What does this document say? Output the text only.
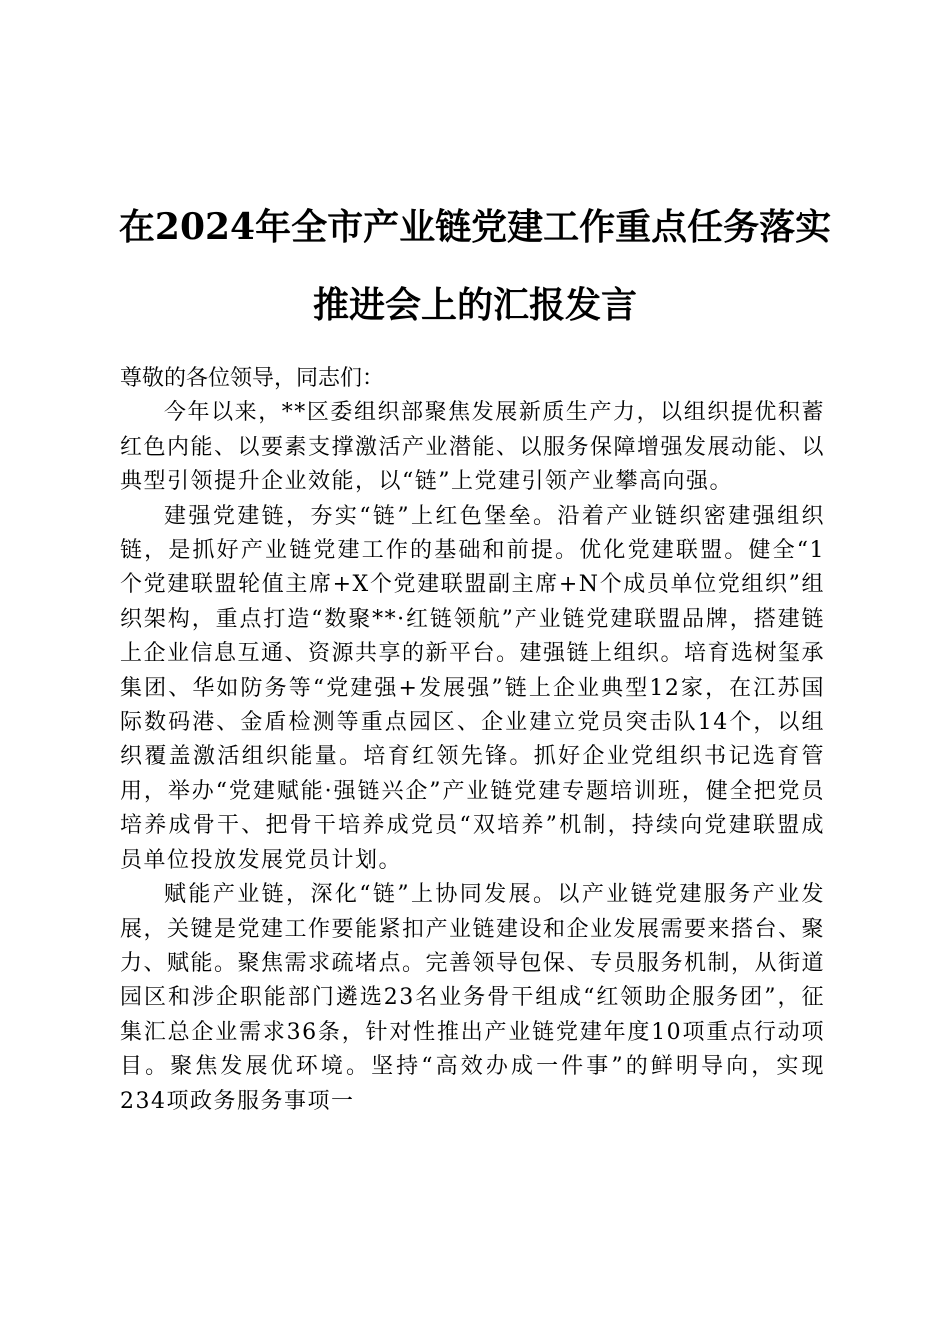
在2024年全市产业链党建工作重点任务落实
推进会上的汇报发言

尊敬的各位领导，同志们：

今年以来，**区委组织部聚焦发展新质生产力，以组织提优积蓄红色内能、以要素支撑激活产业潜能、以服务保障增强发展动能、以典型引领提升企业效能，以“链”上党建引领产业攀高向强。

建强党建链，夯实“链”上红色堡垒。沿着产业链织密建强组织链，是抓好产业链党建工作的基础和前提。优化党建联盟。健全“1个党建联盟轮值主席+X个党建联盟副主席+N个成员单位党组织”组织架构，重点打造“数聚**·红链领航”产业链党建联盟品牌，搭建链上企业信息互通、资源共享的新平台。建强链上组织。培育选树玺承集团、华如防务等“党建强+发展强”链上企业典型12家，在江苏国际数码港、金盾检测等重点园区、企业建立党员突击队14个，以组织覆盖激活组织能量。培育红领先锋。抓好企业党组织书记选育管用，举办“党建赋能·强链兴企”产业链党建专题培训班，健全把党员培养成骨干、把骨干培养成党员“双培养”机制，持续向党建联盟成员单位投放发展党员计划。

赋能产业链，深化“链”上协同发展。以产业链党建服务产业发展，关键是党建工作要能紧扣产业链建设和企业发展需要来搭台、聚力、赋能。聚焦需求疏堵点。完善领导包保、专员服务机制，从街道园区和涉企职能部门遴选23名业务骨干组成“红领助企服务团”，征集汇总企业需求36条，针对性推出产业链党建年度10项重点行动项目。聚焦发展优环境。坚持“高效办成一件事”的鲜明导向，实现234项政务服务事项一
